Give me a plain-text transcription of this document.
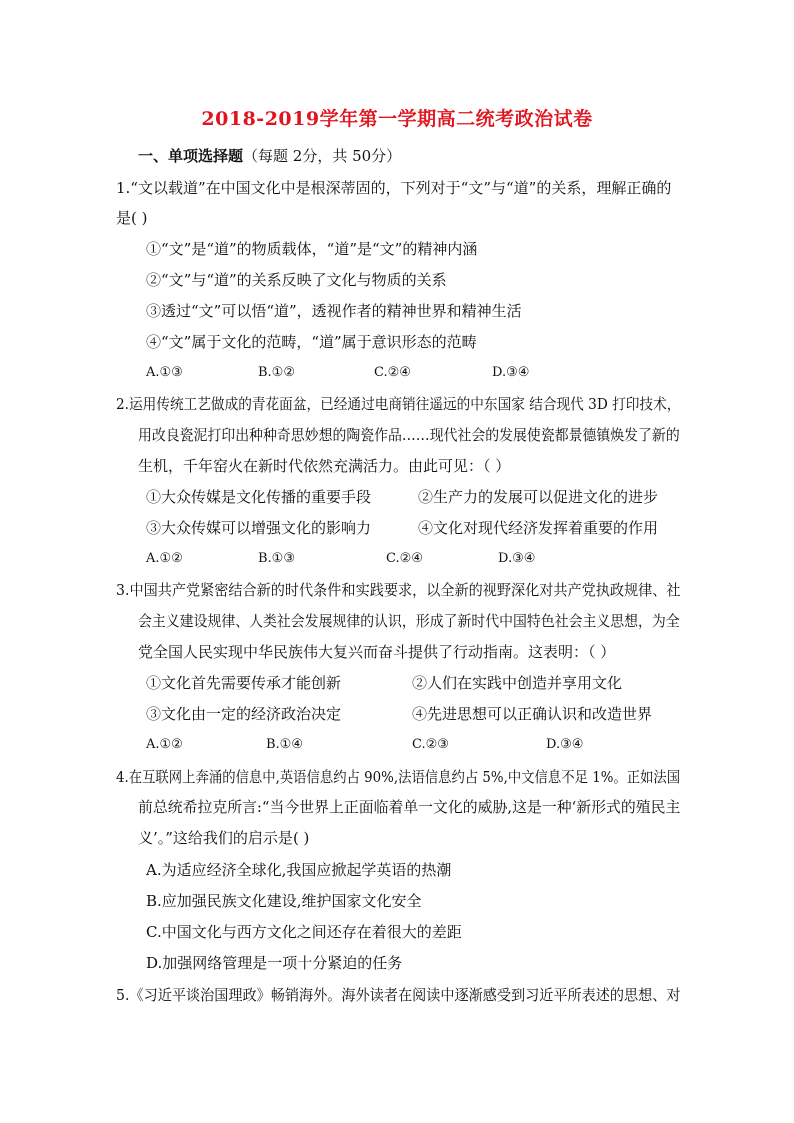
2018-2019学年第一学期高二统考政治试卷
一、单项选择题（每题 2分，共 50分）
1.“文以载道”在中国文化中是根深蒂固的，下列对于“文”与“道”的关系，理解正确的
是( )
①“文”是“道”的物质载体，“道”是“文”的精神内涵
②“文”与“道”的关系反映了文化与物质的关系
③透过“文”可以悟“道”，透视作者的精神世界和精神生活
④“文”属于文化的范畴，“道”属于意识形态的范畴
A.①③	B.①②	C.②④	D.③④
2.运用传统工艺做成的青花面盆，已经通过电商销往遥远的中东国家 结合现代 3D 打印技术，
用改良瓷泥打印出种种奇思妙想的陶瓷作品……现代社会的发展使瓷都景德镇焕发了新的
生机，千年窑火在新时代依然充满活力。由此可见：（ ）
①大众传媒是文化传播的重要手段	②生产力的发展可以促进文化的进步
③大众传媒可以增强文化的影响力	④文化对现代经济发挥着重要的作用
A.①②	B.①③	C.②④	D.③④
3.中国共产党紧密结合新的时代条件和实践要求，以全新的视野深化对共产党执政规律、社
会主义建设规律、人类社会发展规律的认识，形成了新时代中国特色社会主义思想，为全
党全国人民实现中华民族伟大复兴而奋斗提供了行动指南。这表明：（ ）
①文化首先需要传承才能创新	②人们在实践中创造并享用文化
③文化由一定的经济政治决定	④先进思想可以正确认识和改造世界
A.①②	B.①④	C.②③	D.③④
4.在互联网上奔涌的信息中,英语信息约占 90%,法语信息约占 5%,中文信息不足 1%。正如法国
前总统希拉克所言:“当今世界上正面临着单一文化的威胁,这是一种‘新形式的殖民主
义’。”这给我们的启示是( )
A.为适应经济全球化,我国应掀起学英语的热潮
B.应加强民族文化建设,维护国家文化安全
C.中国文化与西方文化之间还存在着很大的差距
D.加强网络管理是一项十分紧迫的任务
5.《习近平谈治国理政》畅销海外。海外读者在阅读中逐渐感受到习近平所表述的思想、对
